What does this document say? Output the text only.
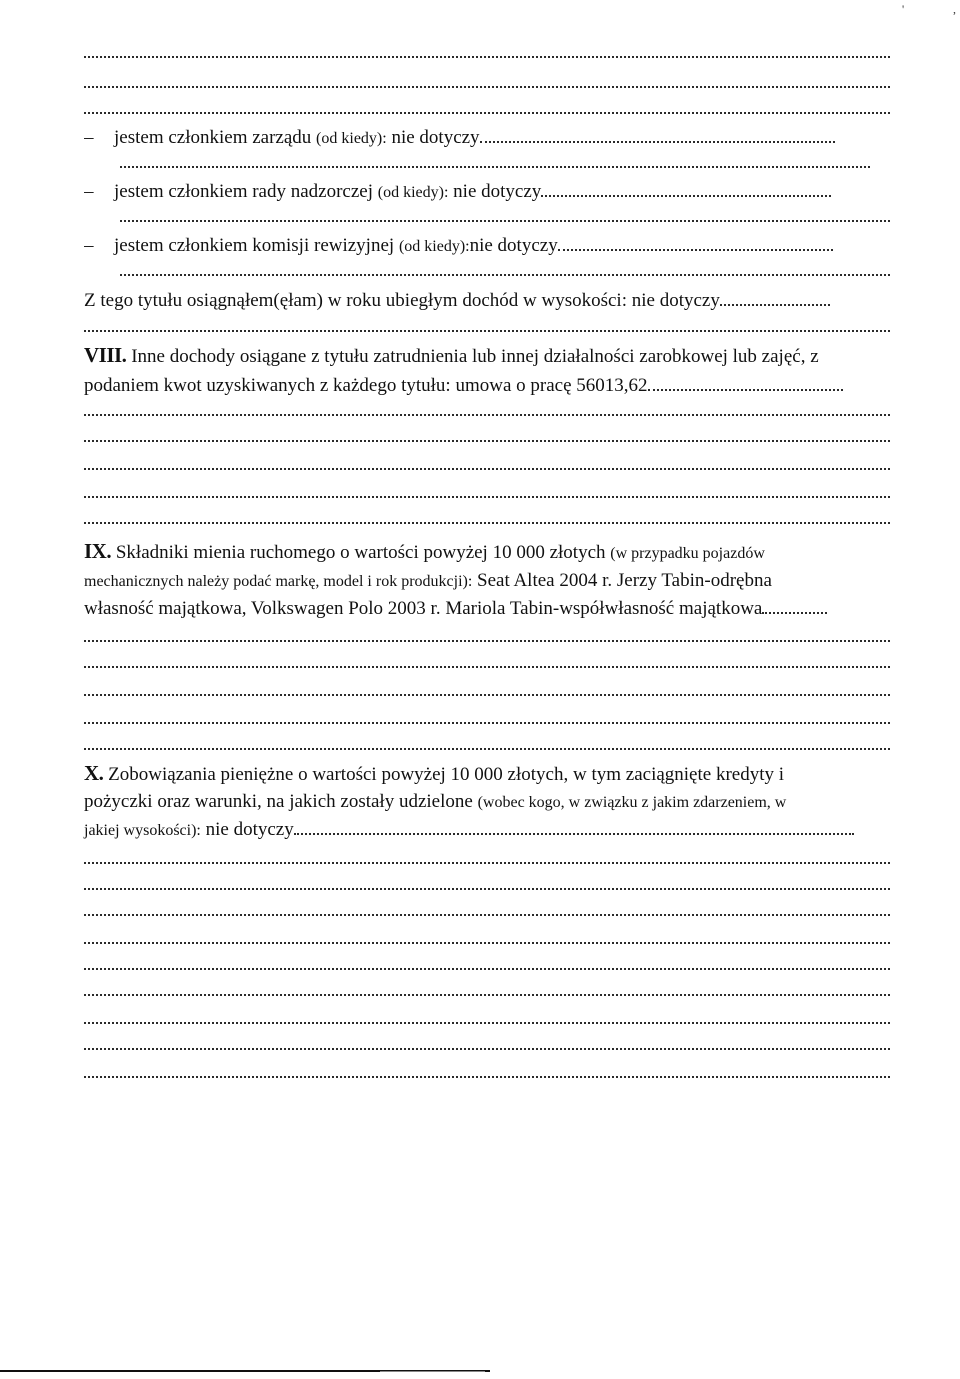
'	,
– jestem członkiem zarządu (od kiedy): nie dotyczy
– jestem członkiem rady nadzorczej (od kiedy): nie dotyczy
– jestem członkiem komisji rewizyjnej (od kiedy):nie dotyczy
Z tego tytułu osiągnąłem(ęłam) w roku ubiegłym dochód w wysokości: nie dotyczy
VIII. Inne dochody osiągane z tytułu zatrudnienia lub innej działalności zarobkowej lub zajęć, z
podaniem kwot uzyskiwanych z każdego tytułu: umowa o pracę 56013,62
IX. Składniki mienia ruchomego o wartości powyżej 10 000 złotych (w przypadku pojazdów
mechanicznych należy podać markę, model i rok produkcji): Seat Altea 2004 r. Jerzy Tabin-odrębna
własność majątkowa, Volkswagen Polo 2003 r. Mariola Tabin-współwłasność majątkowa
X. Zobowiązania pieniężne o wartości powyżej 10 000 złotych, w tym zaciągnięte kredyty i
pożyczki oraz warunki, na jakich zostały udzielone (wobec kogo, w związku z jakim zdarzeniem, w
jakiej wysokości): nie dotyczy
